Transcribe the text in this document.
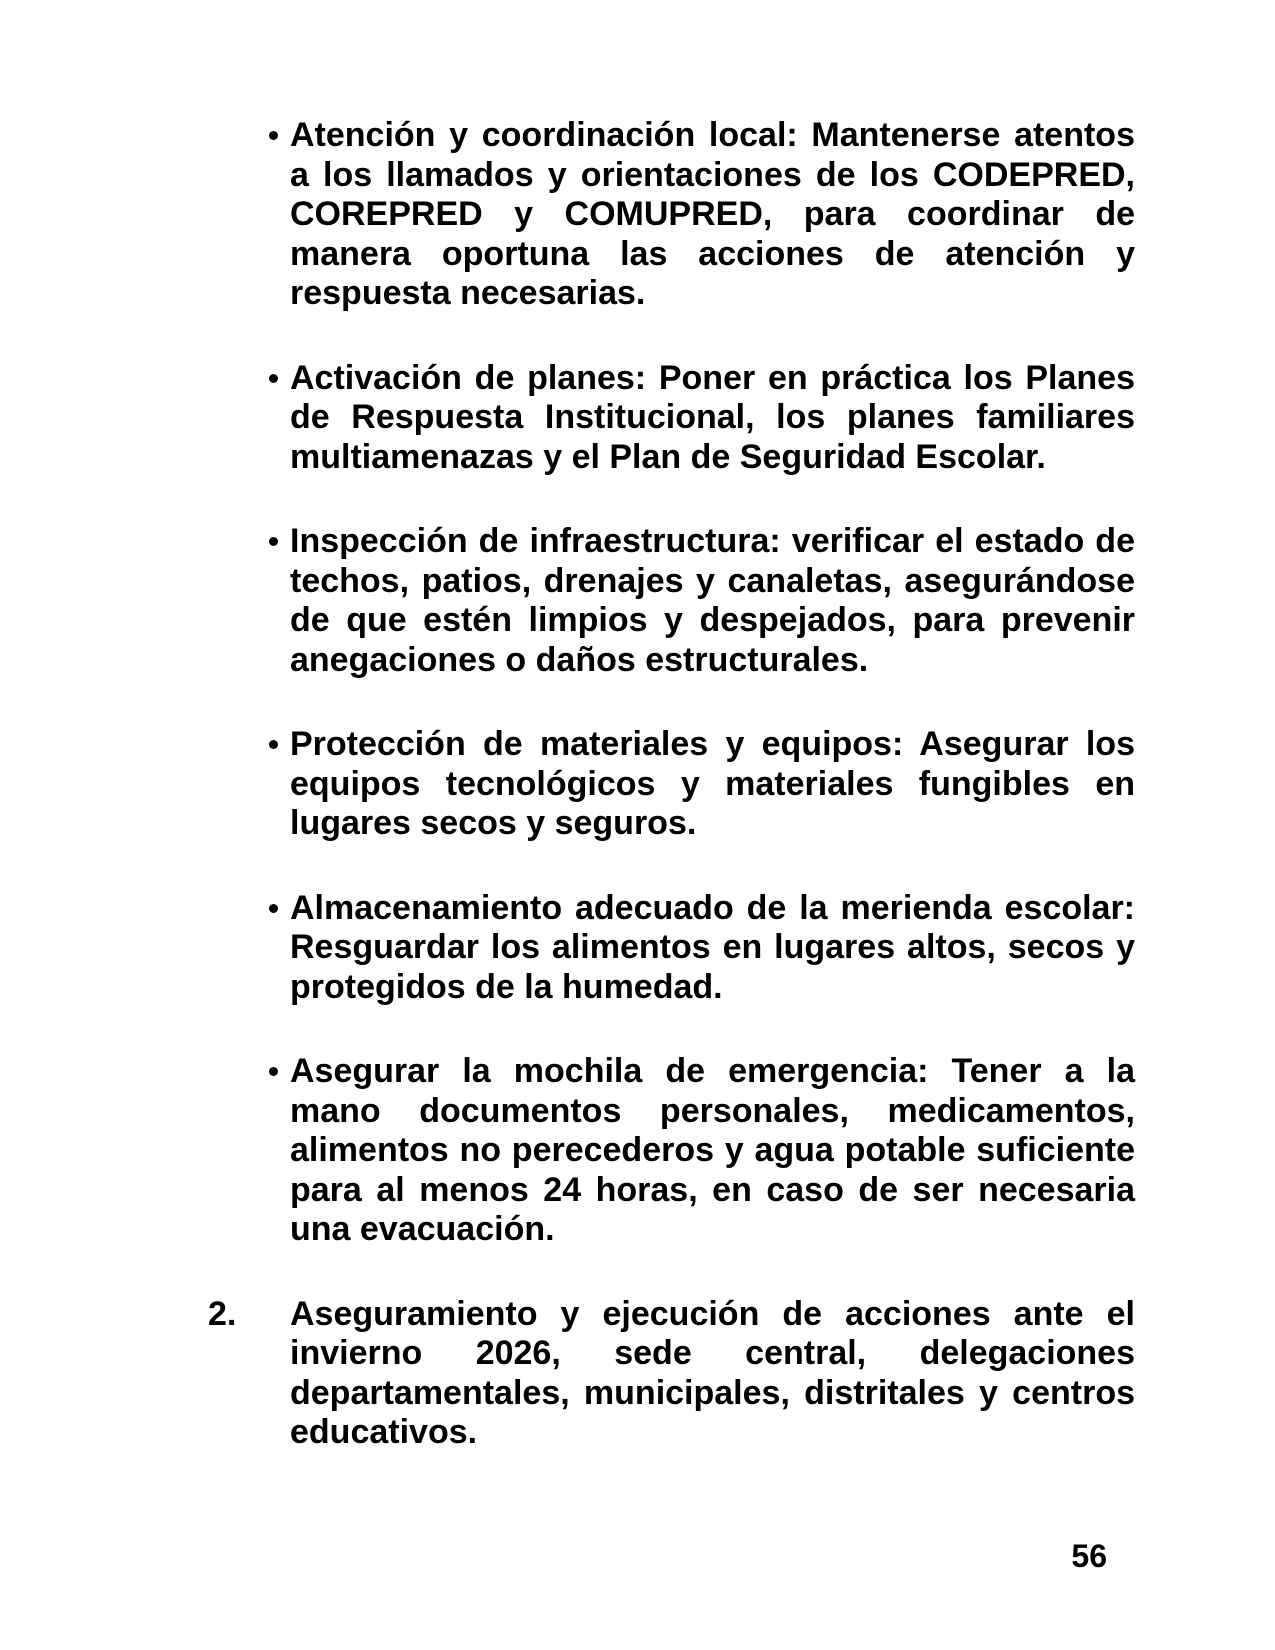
Atención y coordinación local: Mantenerse atentos a los llamados y orientaciones de los CODEPRED, COREPRED y COMUPRED, para coordinar de manera oportuna las acciones de atención y respuesta necesarias.
Activación de planes: Poner en práctica los Planes de Respuesta Institucional, los planes familiares multiamenazas y el Plan de Seguridad Escolar.
Inspección de infraestructura: verificar el estado de techos, patios, drenajes y canaletas, asegurándose de que estén limpios y despejados, para prevenir anegaciones o daños estructurales.
Protección de materiales y equipos: Asegurar los equipos tecnológicos y materiales fungibles en lugares secos y seguros.
Almacenamiento adecuado de la merienda escolar: Resguardar los alimentos en lugares altos, secos y protegidos de la humedad.
Asegurar la mochila de emergencia: Tener a la mano documentos personales, medicamentos, alimentos no perecederos y agua potable suficiente para al menos 24 horas, en caso de ser necesaria una evacuación.
2. Aseguramiento y ejecución de acciones ante el invierno 2026, sede central, delegaciones departamentales, municipales, distritales y centros educativos.
56
